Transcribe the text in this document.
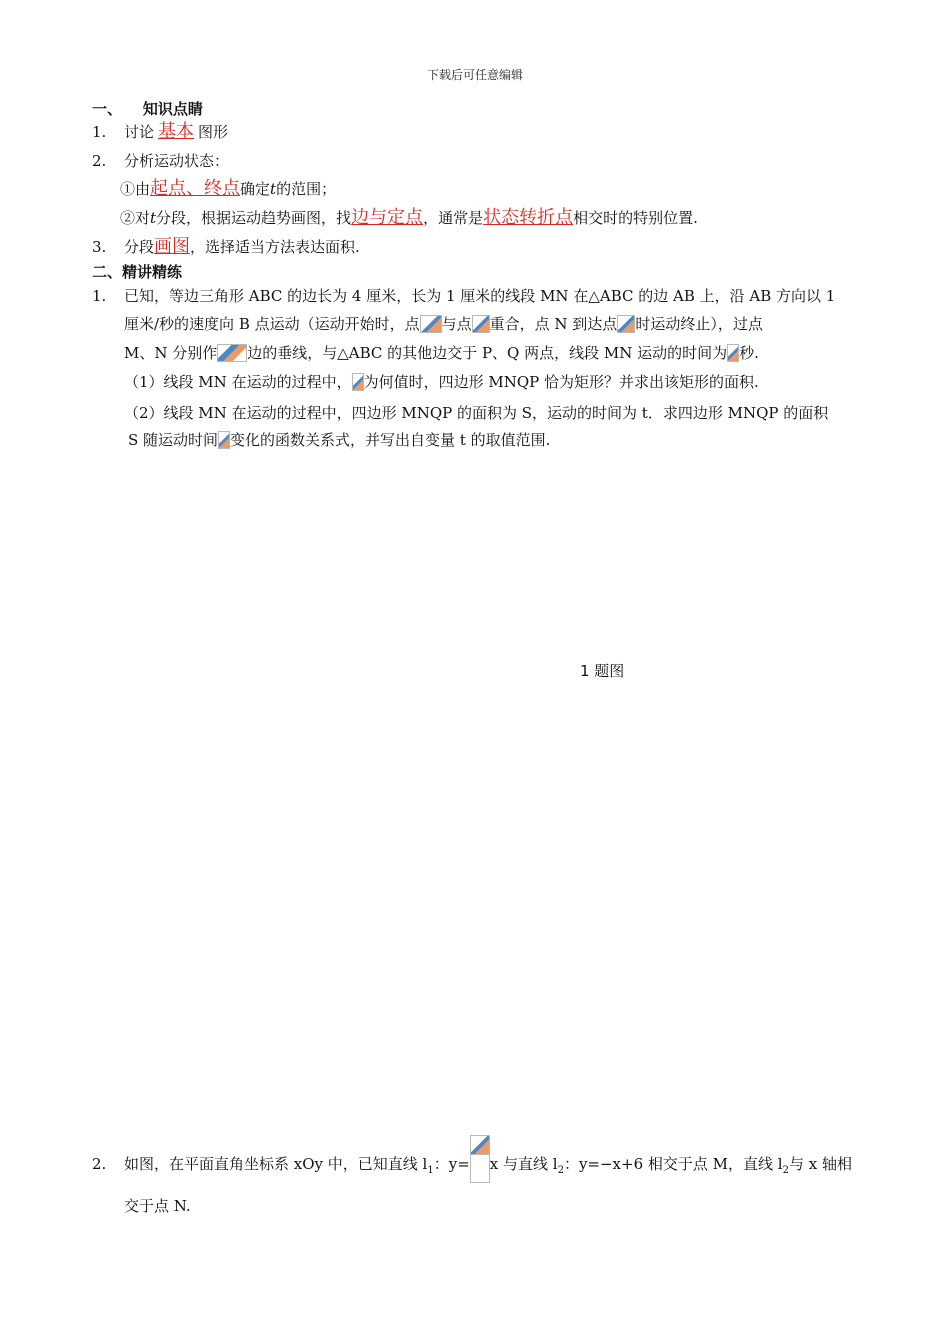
下载后可任意编辑
一、    知识点睛
1. 讨论 基本 图形
2. 分析运动状态：
①由起点、终点确定t的范围；
②对t分段，根据运动趋势画图，找边与定点，通常是状态转折点相交时的特别位置.
3. 分段画图，选择适当方法表达面积.
二、精讲精练
1. 已知，等边三角形 ABC 的边长为 4 厘米，长为 1 厘米的线段 MN 在△ABC 的边 AB 上，沿 AB 方向以 1
厘米/秒的速度向 B 点运动（运动开始时，点 与点 重合，点 N 到达点 时运动终止），过点
M、N 分别作 边的垂线，与△ABC 的其他边交于 P、Q 两点，线段 MN 运动的时间为 秒.
（1）线段 MN 在运动的过程中， 为何值时，四边形 MNQP 恰为矩形？并求出该矩形的面积.
（2）线段 MN 在运动的过程中，四边形 MNQP 的面积为 S，运动的时间为 t．求四边形 MNQP 的面积
S 随运动时间 变化的函数关系式，并写出自变量 t 的取值范围.
1 题图
2. 如图，在平面直角坐标系 xOy 中，已知直线 $l_1$：y= x 与直线 $l_2$：y=−x+6 相交于点 M，直线 $l_2$与 x 轴相
交于点 N.
